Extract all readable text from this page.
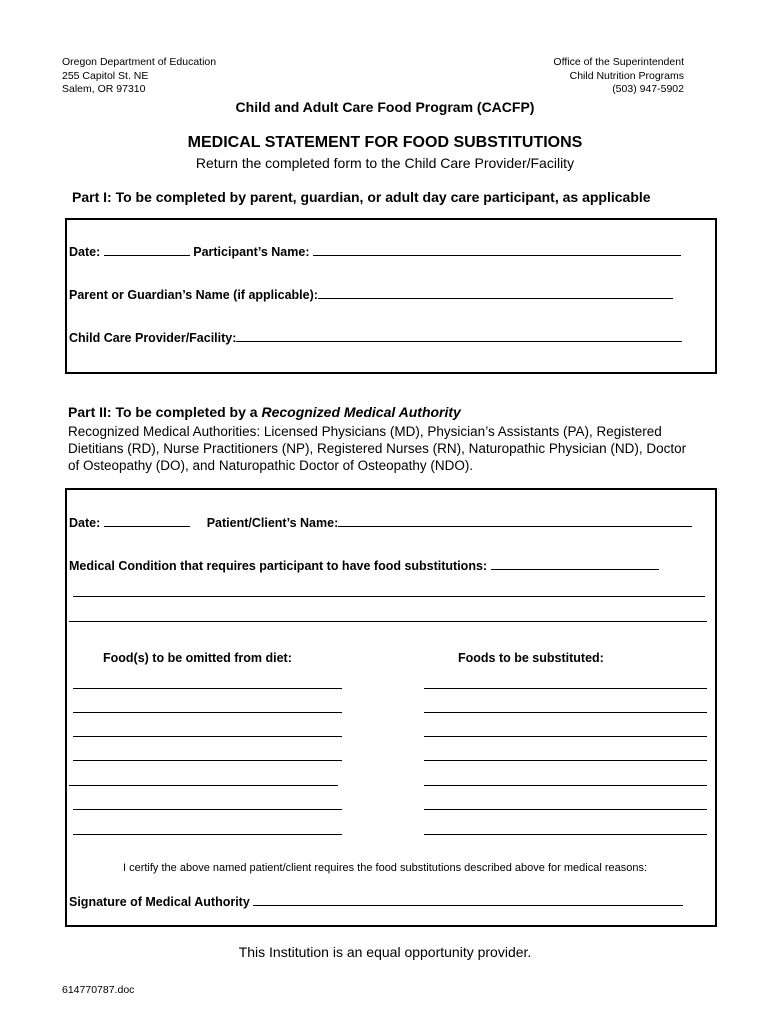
Oregon Department of Education
255 Capitol St. NE
Salem, OR 97310
Office of the Superintendent
Child Nutrition Programs
(503) 947-5902
Child and Adult Care Food Program (CACFP)
MEDICAL STATEMENT FOR FOOD SUBSTITUTIONS
Return the completed form to the Child Care Provider/Facility
Part I: To be completed by parent, guardian, or adult day care participant, as applicable
Date:	Participant’s Name:
Parent or Guardian’s Name (if applicable):
Child Care Provider/Facility:
Part II: To be completed by a Recognized Medical Authority
Recognized Medical Authorities: Licensed Physicians (MD), Physician’s Assistants (PA), Registered Dietitians (RD), Nurse Practitioners (NP), Registered Nurses (RN), Naturopathic Physician (ND), Doctor of Osteopathy (DO), and Naturopathic Doctor of Osteopathy (NDO).
Date:	Patient/Client’s Name:
Medical Condition that requires participant to have food substitutions:
Food(s) to be omitted from diet:	Foods to be substituted:
I certify the above named patient/client requires the food substitutions described above for medical reasons:
Signature of Medical Authority
This Institution is an equal opportunity provider.
614770787.doc
